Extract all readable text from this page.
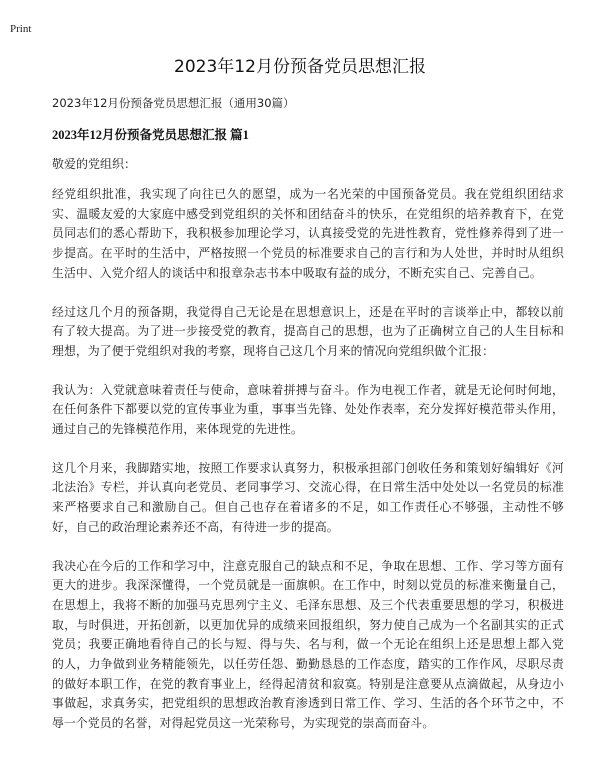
Print
2023年12月份预备党员思想汇报
2023年12月份预备党员思想汇报（通用30篇）
2023年12月份预备党员思想汇报 篇1
敬爱的党组织：

经党组织批准，我实现了向往已久的愿望，成为一名光荣的中国预备党员。我在党组织团结求实、温暖友爱的大家庭中感受到党组织的关怀和团结奋斗的快乐，在党组织的培养教育下，在党员同志们的悉心帮助下，我积极参加理论学习，认真接受党的先进性教育，党性修养得到了进一步提高。在平时的生活中，严格按照一个党员的标准要求自己的言行和为人处世，并时时从组织生活中、入党介绍人的谈话中和报章杂志书本中吸取有益的成分，不断充实自己、完善自己。

经过这几个月的预备期，我觉得自己无论是在思想意识上，还是在平时的言谈举止中，都较以前有了较大提高。为了进一步接受党的教育，提高自己的思想，也为了正确树立自己的人生目标和理想，为了便于党组织对我的考察，现将自己这几个月来的情况向党组织做个汇报：

我认为：入党就意味着责任与使命，意味着拼搏与奋斗。作为电视工作者，就是无论何时何地，在任何条件下都要以党的宣传事业为重，事事当先锋、处处作表率，充分发挥好模范带头作用，通过自己的先锋模范作用，来体现党的先进性。

这几个月来，我脚踏实地，按照工作要求认真努力，积极承担部门创收任务和策划好编辑好《河北法治》专栏，并认真向老党员、老同事学习、交流心得，在日常生活中处处以一名党员的标准来严格要求自己和激励自己。但自己也存在着诸多的不足，如工作责任心不够强，主动性不够好，自己的政治理论素养还不高，有待进一步的提高。

我决心在今后的工作和学习中，注意克服自己的缺点和不足，争取在思想、工作、学习等方面有更大的进步。我深深懂得，一个党员就是一面旗帜。在工作中，时刻以党员的标准来衡量自己，在思想上，我将不断的加强马克思列宁主义、毛泽东思想、及三个代表重要思想的学习，积极进取，与时俱进，开拓创新，以更加优异的成绩来回报组织，努力使自己成为一个名副其实的正式党员；我要正确地看待自己的长与短、得与失、名与利，做一个无论在组织上还是思想上都入党的人，力争做到业务精能领先，以任劳任怨、勤勤恳恳的工作态度，踏实的工作作风，尽职尽责的做好本职工作，在党的教育事业上，经得起清贫和寂寞。特别是注意要从点滴做起，从身边小事做起，求真务实，把党组织的思想政治教育渗透到日常工作、学习、生活的各个环节之中，不辱一个党员的名誉，对得起党员这一光荣称号，为实现党的崇高而奋斗。
